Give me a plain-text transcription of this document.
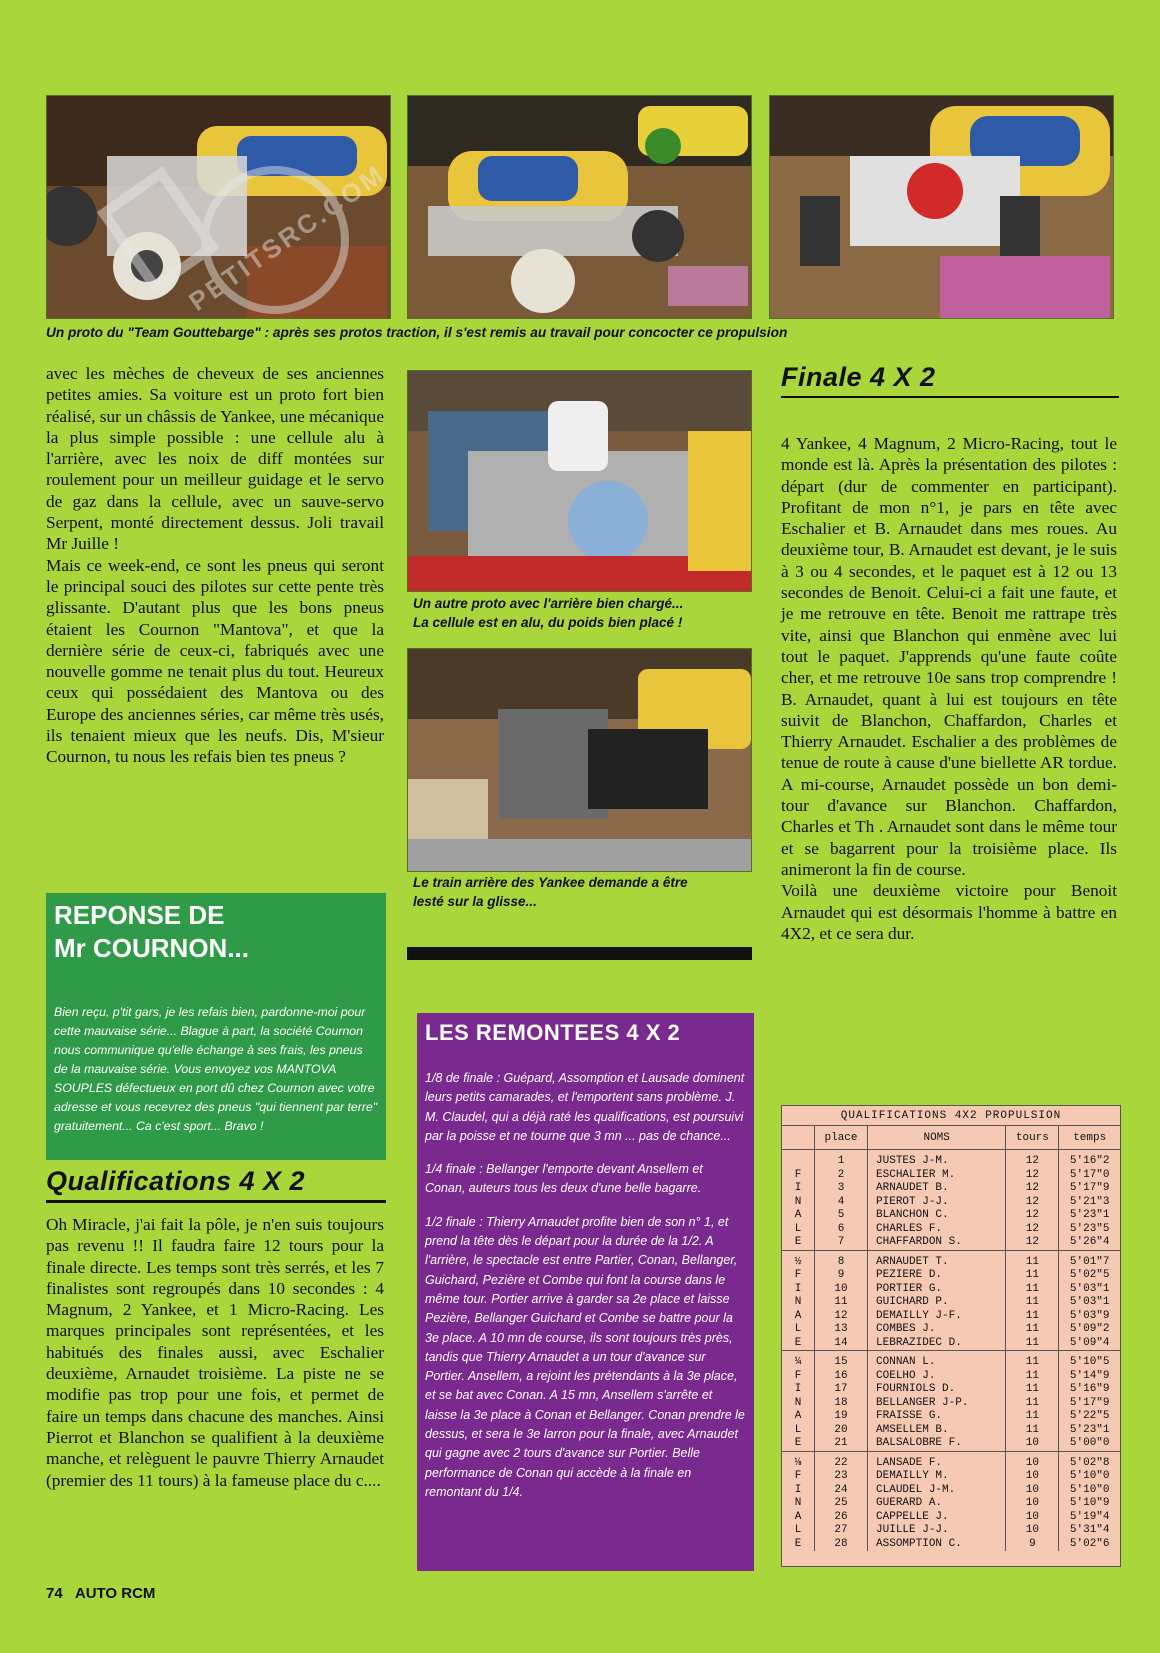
Un proto du "Team Gouttebarge" : après ses protos traction, il s'est remis au travail pour concocter ce propulsion
PETITSRC.COM

avec les mèches de cheveux de ses anciennes petites amies. Sa voiture est un proto fort bien réalisé, sur un châssis de Yankee, une mécanique la plus simple possible : une cellule alu à l'arrière, avec les noix de diff montées sur roulement pour un meilleur guidage et le servo de gaz dans la cellule, avec un sauve-servo Serpent, monté directement dessus. Joli travail Mr Juille !

Mais ce week-end, ce sont les pneus qui seront le principal souci des pilotes sur cette pente très glissante. D'autant plus que les bons pneus étaient les Cournon "Mantova", et que la dernière série de ceux-ci, fabriqués avec une nouvelle gomme ne tenait plus du tout. Heureux ceux qui possédaient des Mantova ou des Europe des anciennes séries, car même très usés, ils tenaient mieux que les neufs. Dis, M'sieur Cournon, tu nous les refais bien tes pneus ?

REPONSE DE
Mr COURNON...

Bien reçu, p'tit gars, je les refais bien, pardonne-moi pour cette mauvaise série... Blague à part, la société Cournon nous communique qu'elle échange à ses frais, les pneus de la mauvaise série. Vous envoyez vos MANTOVA SOUPLES défectueux en port dû chez Cournon avec votre adresse et vous recevrez des pneus "qui tiennent par terre" gratuitement... Ca c'est sport... Bravo !

Qualifications 4 X 2

Oh Miracle, j'ai fait la pôle, je n'en suis toujours pas revenu !! Il faudra faire 12 tours pour la finale directe. Les temps sont très serrés, et les 7 finalistes sont regroupés dans 10 secondes : 4 Magnum, 2 Yankee, et 1 Micro-Racing. Les marques principales sont représentées, et les habitués des finales aussi, avec Eschalier deuxième, Arnaudet troisième. La piste ne se modifie pas trop pour une fois, et permet de faire un temps dans chacune des manches. Ainsi Pierrot et Blanchon se qualifient à la deuxième manche, et relèguent le pauvre Thierry Arnaudet (premier des 11 tours) à la fameuse place du c....

Un autre proto avec l'arrière bien chargé...
La cellule est en alu, du poids bien placé !
Le train arrière des Yankee demande a être
lesté sur la glisse...
LES REMONTEES 4 X 2

1/8 de finale : Guépard, Assomption et Lausade dominent leurs petits camarades, et l'emportent sans problème. J. M. Claudel, qui a déjà raté les qualifications, est poursuivi par la poisse et ne tourne que 3 mn ... pas de chance...

1/4 finale : Bellanger l'emporte devant Ansellem et Conan, auteurs tous les deux d'une belle bagarre.

1/2 finale : Thierry Arnaudet profite bien de son n° 1, et prend la tête dès le départ pour la durée de la 1/2. A l'arrière, le spectacle est entre Partier, Conan, Bellanger, Guichard, Pezière et Combe qui font la course dans le même tour. Portier arrive à garder sa 2e place et laisse Pezière, Bellanger Guichard et Combe se battre pour la 3e place. A 10 mn de course, ils sont toujours très près, tandis que Thierry Arnaudet a un tour d'avance sur Portier. Ansellem, a rejoint les prétendants à la 3e place, et se bat avec Conan. A 15 mn, Ansellem s'arrête et laisse la 3e place à Conan et Bellanger. Conan prendre le dessus, et sera le 3e larron pour la finale, avec Arnaudet qui gagne avec 2 tours d'avance sur Portier. Belle performance de Conan qui accède à la finale en remontant du 1/4.

Finale 4 X 2

4 Yankee, 4 Magnum, 2 Micro-Racing, tout le monde est là. Après la présentation des pilotes : départ (dur de commenter en participant). Profitant de mon n°1, je pars en tête avec Eschalier et B. Arnaudet dans mes roues. Au deuxième tour, B. Arnaudet est devant, je le suis à 3 ou 4 secondes, et le paquet est à 12 ou 13 secondes de Benoit. Celui-ci a fait une faute, et je me retrouve en tête. Benoit me rattrape très vite, ainsi que Blanchon qui enmène avec lui tout le paquet. J'apprends qu'une faute coûte cher, et me retrouve 10e sans trop comprendre ! B. Arnaudet, quant à lui est toujours en tête suivit de Blanchon, Chaffardon, Charles et Thierry Arnaudet. Eschalier a des problèmes de tenue de route à cause d'une biellette AR tordue. A mi-course, Arnaudet possède un bon demi-tour d'avance sur Blanchon. Chaffardon, Charles et Th . Arnaudet sont dans le même tour et se bagarrent pour la troisième place. Ils animeront la fin de course.

Voilà une deuxième victoire pour Benoit Arnaudet qui est désormais l'homme à battre en 4X2, et ce sera dur.

QUALIFICATIONS 4X2 PROPULSION
	place	NOMS	tours	temps
	1	JUSTES J-M.	12	5'16"2
F	2	ESCHALIER M.	12	5'17"0
I	3	ARNAUDET B.	12	5'17"9
N	4	PIEROT J-J.	12	5'21"3
A	5	BLANCHON C.	12	5'23"1
L	6	CHARLES F.	12	5'23"5
E	7	CHAFFARDON S.	12	5'26"4
½	8	ARNAUDET T.	11	5'01"7
F	9	PEZIERE D.	11	5'02"5
I	10	PORTIER G.	11	5'03"1
N	11	GUICHARD P.	11	5'03"1
A	12	DEMAILLY J-F.	11	5'03"9
L	13	COMBES J.	11	5'09"2
E	14	LEBRAZIDEC D.	11	5'09"4
¼	15	CONNAN L.	11	5'10"5
F	16	COELHO J.	11	5'14"9
I	17	FOURNIOLS D.	11	5'16"9
N	18	BELLANGER J-P.	11	5'17"9
A	19	FRAISSE G.	11	5'22"5
L	20	AMSELLEM B.	11	5'23"1
E	21	BALSALOBRE F.	10	5'00"0
⅛	22	LANSADE F.	10	5'02"8
F	23	DEMAILLY M.	10	5'10"0
I	24	CLAUDEL J-M.	10	5'10"0
N	25	GUERARD A.	10	5'10"9
A	26	CAPPELLE J.	10	5'19"4
L	27	JUILLE J-J.	10	5'31"4
E	28	ASSOMPTION C.	9	5'02"6
74 AUTO RCM
